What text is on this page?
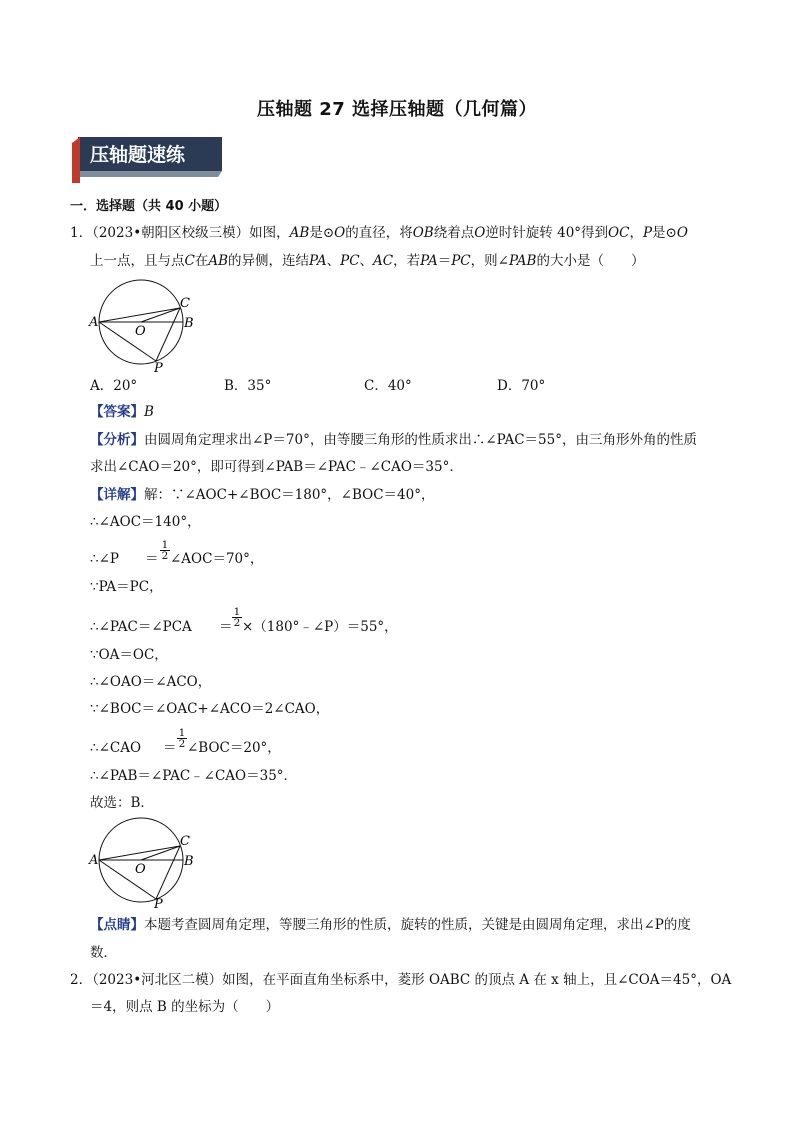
压轴题 27 选择压轴题（几何篇）
压轴题速练
一．选择题（共 40 小题）
1．（2023•朝阳区校级三模）如图，AB是⊙O的直径，将OB绕着点O逆时针旋转 40°得到OC，P是⊙O
上一点，且与点C在AB的异侧，连结PA、PC、AC，若PA＝PC，则∠PAB的大小是（　　）
A
O
C
B
P
A．20°	B．35°	C．40°	D．70°
【答案】B
【分析】由圆周角定理求出∠P＝70°，由等腰三角形的性质求出∴∠PAC＝55°，由三角形外角的性质
求出∠CAO＝20°，即可得到∠PAB＝∠PAC﹣∠CAO＝35°．
【详解】解：∵∠AOC+∠BOC＝180°，∠BOC＝40°，
∴∠AOC＝140°，
∴∠P ＝
$\frac{1}{2}$
∠AOC＝70°，
∵PA＝PC，
∴∠PAC＝∠PCA ＝
$\frac{1}{2}$
×（180°﹣∠P）＝55°，
∵OA＝OC，
∴∠OAO＝∠ACO，
∵∠BOC＝∠OAC+∠ACO＝2∠CAO，
∴∠CAO ＝
$\frac{1}{2}$
∠BOC＝20°，
∴∠PAB＝∠PAC﹣∠CAO＝35°．
故选：B．
A
O
C
B
P
【点睛】本题考查圆周角定理，等腰三角形的性质，旋转的性质，关键是由圆周角定理，求出∠P的度
数．
2．（2023•河北区二模）如图，在平面直角坐标系中，菱形 OABC 的顶点 A 在 x 轴上，且∠COA＝45°，OA
＝4，则点 B 的坐标为（　　）
